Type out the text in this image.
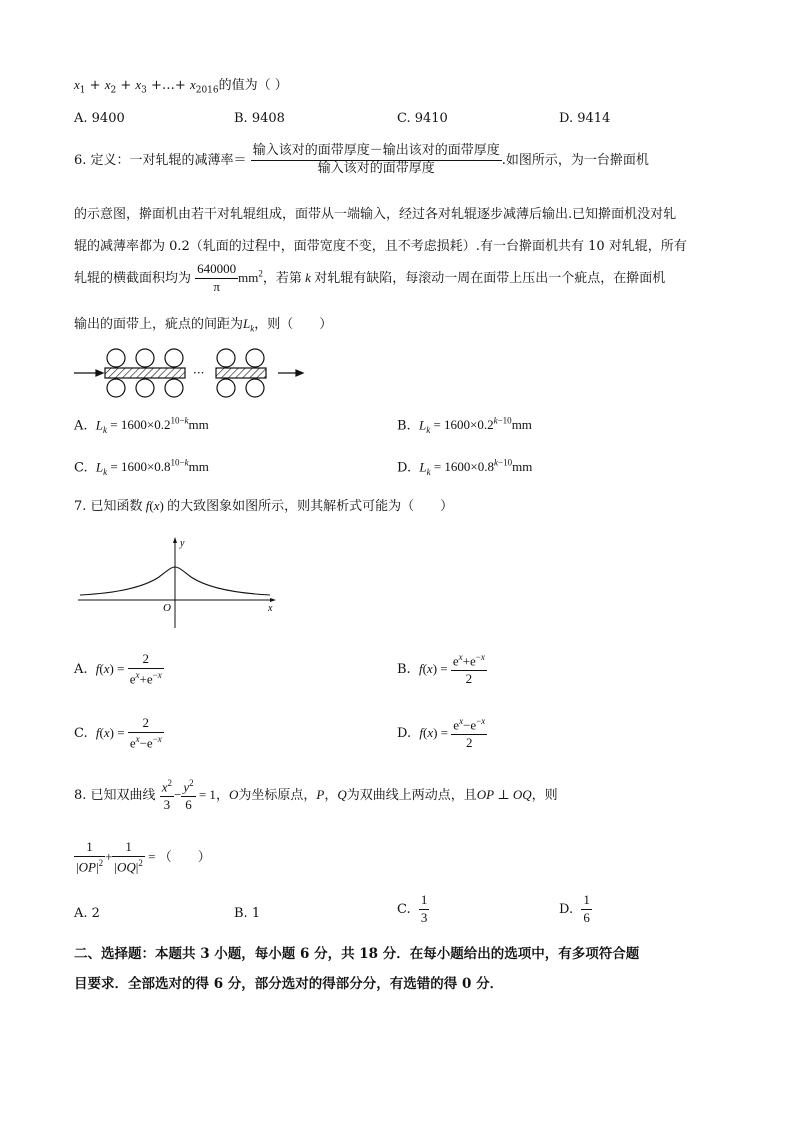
$x_1 + x_2 + x_3$ +…+ $x_{2016}$的值为（ ）
A. 9400	B. 9408	C. 9410	D. 9414
6. 定义：一对轧辊的减薄率＝ $\frac{\text{输入该对的面带厚度－输出该对的面带厚度}}{\text{输入该对的面带厚度}}$ .如图所示，为一台擀面机
的示意图，擀面机由若干对轧辊组成，面带从一端输入，经过各对轧辊逐步减薄后输出.已知擀面机没对轧
辊的减薄率都为 0.2（轧面的过程中，面带宽度不变，且不考虑损耗）.有一台擀面机共有 10 对轧辊，所有
轧辊的横截面积均为 $\frac{640000}{\pi} mm^2$，若第 k 对轧辊有缺陷，每滚动一周在面带上压出一个疵点，在擀面机
输出的面带上，疵点的间距为$L_k$，则（　　）
···
A. $L_k = 1600\times 0.2^{10-k}mm$	B. $L_k = 1600\times 0.2^{k-10}mm$
C. $L_k = 1600\times 0.8^{10-k}mm$	D. $L_k = 1600\times 0.8^{k-10}mm$
7. 已知函数 f(x) 的大致图象如图所示，则其解析式可能为（　　）
y
x
O
A. $f(x) = \frac{2}{e^x+e^{-x}}$	B. $f(x) = \frac{e^x+e^{-x}}{2}$
C. $f(x) = \frac{2}{e^x-e^{-x}}$	D. $f(x) = \frac{e^x-e^{-x}}{2}$
8. 已知双曲线 $\frac{x^2}{3} - \frac{y^2}{6} = 1$，O为坐标原点，P，Q为双曲线上两动点，且OP ⊥ OQ，则
$\frac{1}{|OP|^2} + \frac{1}{|OQ|^2}$ = （　　）
A. 2	B. 1	C. $\frac{1}{3}$	D. $\frac{1}{6}$
二、选择题：本题共 3 小题，每小题 6 分，共 18 分．在每小题给出的选项中，有多项符合题
目要求．全部选对的得 6 分，部分选对的得部分分，有选错的得 0 分．
